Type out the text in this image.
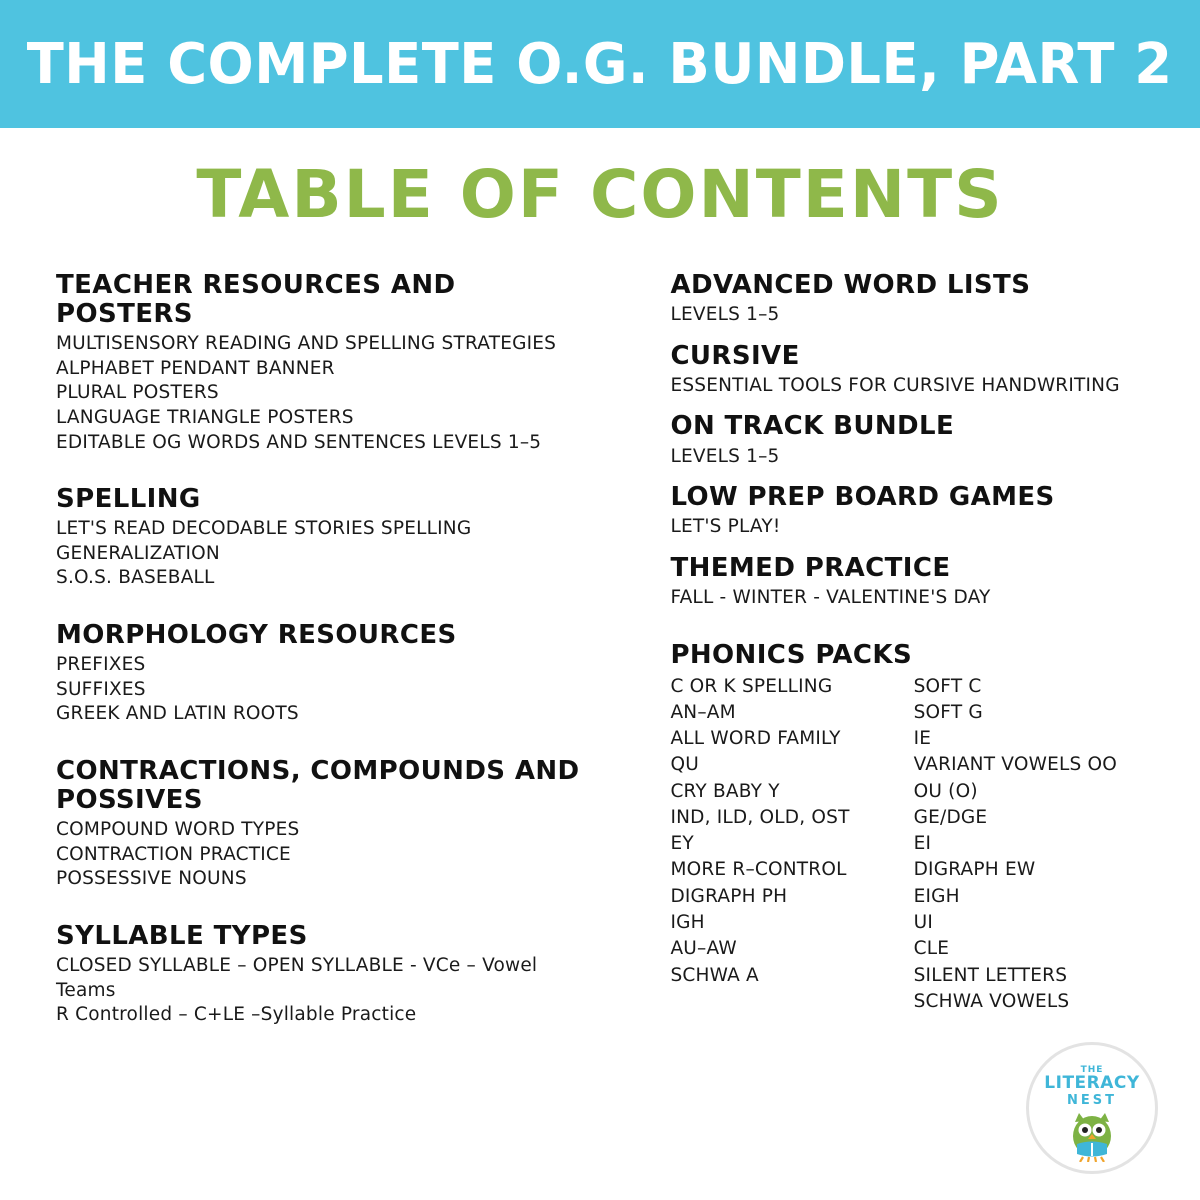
THE COMPLETE O.G. BUNDLE, PART 2
TABLE OF CONTENTS
TEACHER RESOURCES AND POSTERS
MULTISENSORY READING AND SPELLING STRATEGIES
ALPHABET PENDANT BANNER
PLURAL POSTERS
LANGUAGE TRIANGLE POSTERS
EDITABLE OG WORDS AND SENTENCES LEVELS 1–5
SPELLING
LET'S READ DECODABLE STORIES SPELLING GENERALIZATION
S.O.S. BASEBALL
MORPHOLOGY RESOURCES
PREFIXES
SUFFIXES
GREEK AND LATIN ROOTS
CONTRACTIONS, COMPOUNDS AND POSSIVES
COMPOUND WORD TYPES
CONTRACTION PRACTICE
POSSESSIVE NOUNS
SYLLABLE TYPES
CLOSED SYLLABLE – OPEN SYLLABLE - VCe – Vowel Teams
R Controlled – C+LE –Syllable Practice
ADVANCED WORD LISTS
LEVELS 1–5
CURSIVE
ESSENTIAL TOOLS FOR CURSIVE HANDWRITING
ON TRACK BUNDLE
LEVELS 1–5
LOW PREP BOARD GAMES
LET'S PLAY!
THEMED PRACTICE
FALL - WINTER - VALENTINE'S DAY
PHONICS PACKS
C OR K SPELLING
AN–AM
ALL WORD FAMILY
QU
CRY BABY Y
IND, ILD, OLD, OST
EY
MORE R–CONTROL
DIGRAPH PH
IGH
AU–AW
SCHWA A
SOFT C
SOFT G
IE
VARIANT VOWELS OO
OU (O)
GE/DGE
EI
DIGRAPH EW
EIGH
UI
CLE
SILENT LETTERS
SCHWA VOWELS
THE
LITERACY
NEST
